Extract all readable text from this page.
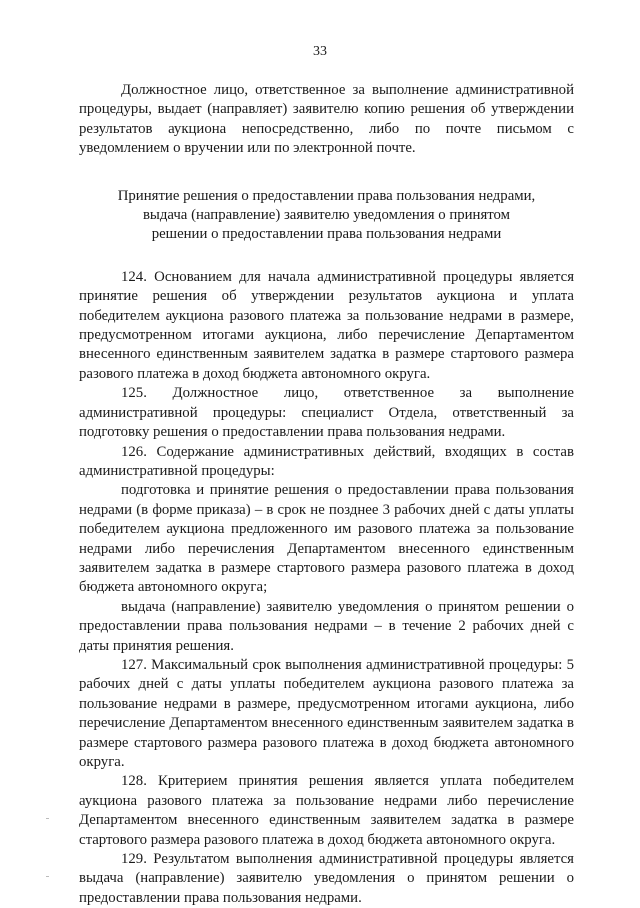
33

Должностное лицо, ответственное за выполнение административной процедуры, выдает (направляет) заявителю копию решения об утверждении результатов аукциона непосредственно, либо по почте письмом с уведомлением о вручении или по электронной почте.

Принятие решения о предоставлении права пользования недрами,
выдача (направление) заявителю уведомления о принятом
решении о предоставлении права пользования недрами

124. Основанием для начала административной процедуры является принятие решения об утверждении результатов аукциона и уплата победителем аукциона разового платежа за пользование недрами в размере, предусмотренном итогами аукциона, либо перечисление Департаментом внесенного единственным заявителем задатка в размере стартового размера разового платежа в доход бюджета автономного округа.

125. Должностное лицо, ответственное за выполнение административной процедуры: специалист Отдела, ответственный за подготовку решения о предоставлении права пользования недрами.

126. Содержание административных действий, входящих в состав административной процедуры:

подготовка и принятие решения о предоставлении права пользования недрами (в форме приказа) – в срок не позднее 3 рабочих дней с даты уплаты победителем аукциона предложенного им разового платежа за пользование недрами либо перечисления Департаментом внесенного единственным заявителем задатка в размере стартового размера разового платежа в доход бюджета автономного округа;

выдача (направление) заявителю уведомления о принятом решении о предоставлении права пользования недрами – в течение 2 рабочих дней с даты принятия решения.

127. Максимальный срок выполнения административной процедуры: 5 рабочих дней с даты уплаты победителем аукциона разового платежа за пользование недрами в размере, предусмотренном итогами аукциона, либо перечисление Департаментом внесенного единственным заявителем задатка в размере стартового размера разового платежа в доход бюджета автономного округа.

128. Критерием принятия решения является уплата победителем аукциона разового платежа за пользование недрами либо перечисление Департаментом внесенного единственным заявителем задатка в размере стартового размера разового платежа в доход бюджета автономного округа.

129. Результатом выполнения административной процедуры является выдача (направление) заявителю уведомления о принятом решении о предоставлении права пользования недрами.
